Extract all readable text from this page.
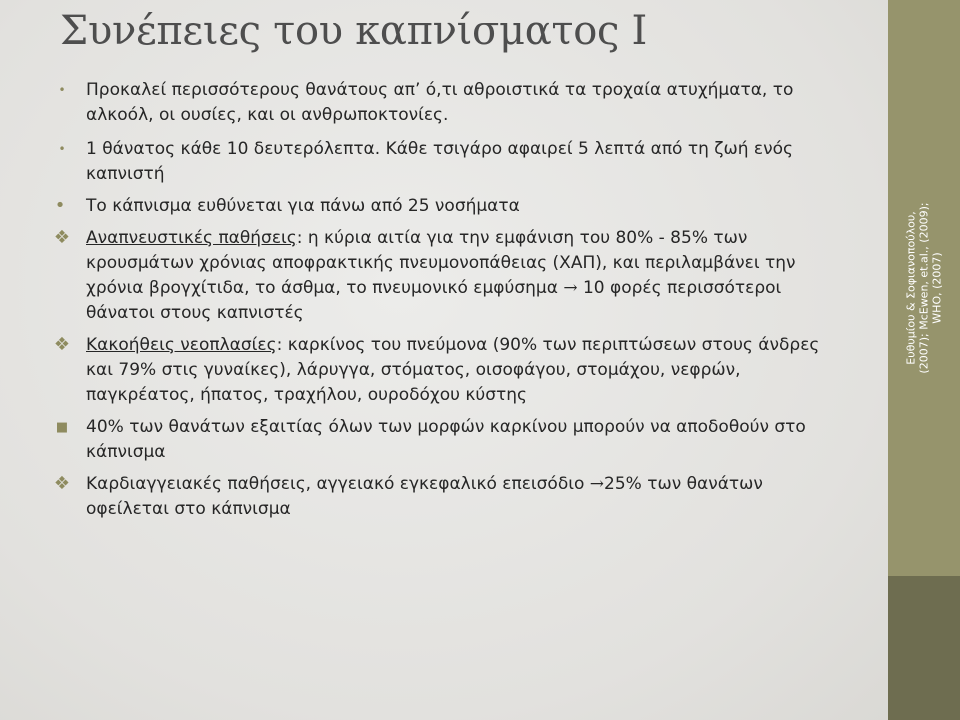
Ευθυμίου & Σοφιανοπούλου, (2007); McEwen, et.al., (2009); WHO, (2007)
Συνέπειες του καπνίσματος Ι

•	Προκαλεί περισσότερους θανάτους απ’ ό,τι αθροιστικά τα τροχαία ατυχήματα, το αλκοόλ, οι ουσίες, και οι ανθρωποκτονίες.

•	1 θάνατος κάθε 10 δευτερόλεπτα. Κάθε τσιγάρο αφαιρεί 5 λεπτά από τη ζωή ενός καπνιστή

•	Το κάπνισμα ευθύνεται για πάνω από 25 νοσήματα

❖ Αναπνευστικές παθήσεις: η κύρια αιτία για την εμφάνιση του 80% - 85% των κρουσμάτων χρόνιας αποφρακτικής πνευμονοπάθειας (ΧΑΠ), και περιλαμβάνει την χρόνια βρογχίτιδα, το άσθμα, το πνευμονικό εμφύσημα → 10 φορές περισσότεροι θάνατοι στους καπνιστές

❖ Κακοήθεις νεοπλασίες: καρκίνος του πνεύμονα (90% των περιπτώσεων στους άνδρες και 79% στις γυναίκες), λάρυγγα, στόματος, οισοφάγου, στομάχου, νεφρών, παγκρέατος, ήπατος, τραχήλου, ουροδόχου κύστης

■	40% των θανάτων εξαιτίας όλων των μορφών καρκίνου μπορούν να αποδοθούν στο κάπνισμα

❖ Καρδιαγγειακές παθήσεις, αγγειακό εγκεφαλικό επεισόδιο →25% των θανάτων οφείλεται στο κάπνισμα
